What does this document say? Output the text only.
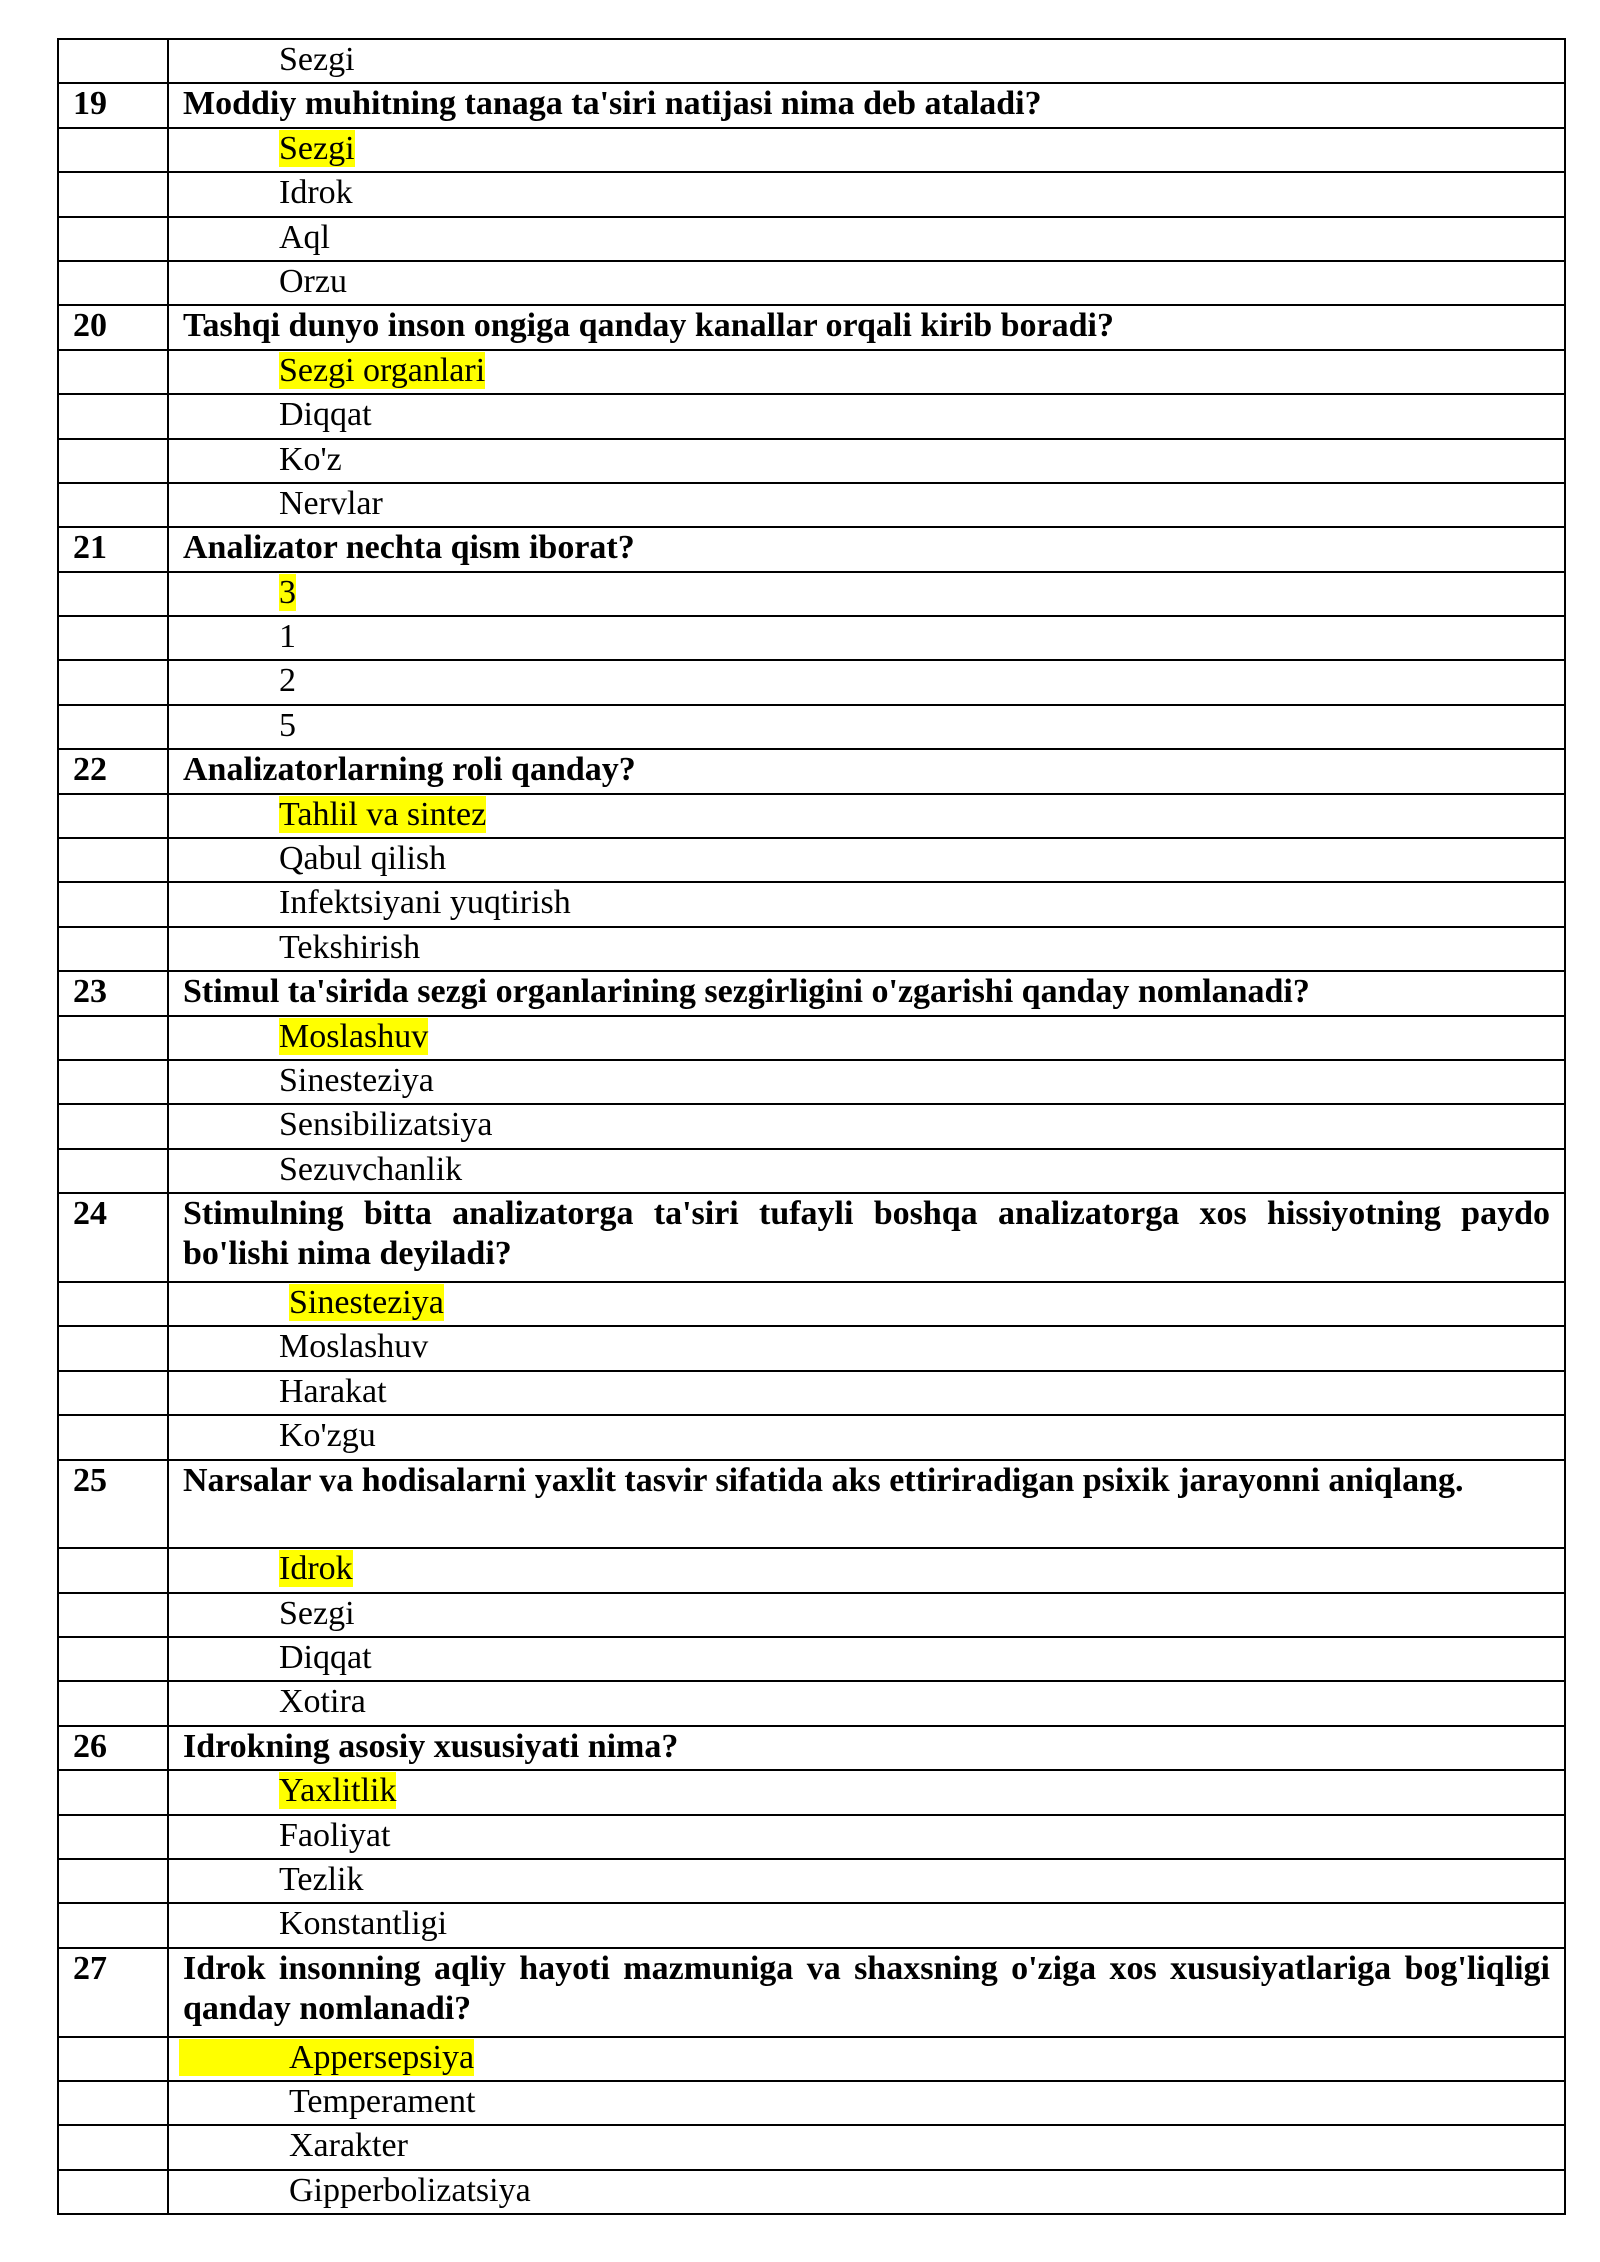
	Sezgi
19	Moddiy muhitning tanaga ta'siri natijasi nima deb ataladi?
	Sezgi
	Idrok
	Aql
	Orzu
20	Tashqi dunyo inson ongiga qanday kanallar orqali kirib boradi?
	Sezgi organlari
	Diqqat
	Ko'z
	Nervlar
21	Analizator nechta qism iborat?
	3
	1
	2
	5
22	Analizatorlarning roli qanday?
	Tahlil va sintez
	Qabul qilish
	Infektsiyani yuqtirish
	Tekshirish
23	Stimul ta'sirida sezgi organlarining sezgirligini o'zgarishi qanday nomlanadi?
	Moslashuv
	Sinesteziya
	Sensibilizatsiya
	Sezuvchanlik
24	Stimulning bitta analizatorga ta'siri tufayli boshqa analizatorga xos hissiyotning paydo bo'lishi nima deyiladi?
	Sinesteziya
	Moslashuv
	Harakat
	Ko'zgu
25	Narsalar va hodisalarni yaxlit tasvir sifatida aks ettiriradigan psixik jarayonni aniqlang.
	Idrok
	Sezgi
	Diqqat
	Xotira
26	Idrokning asosiy xususiyati nima?
	Yaxlitlik
	Faoliyat
	Tezlik
	Konstantligi
27	Idrok insonning aqliy hayoti mazmuniga va shaxsning o'ziga xos xususiyatlariga bog'liqligi qanday nomlanadi?
	Appersepsiya
	Temperament
	Xarakter
	Gipperbolizatsiya
